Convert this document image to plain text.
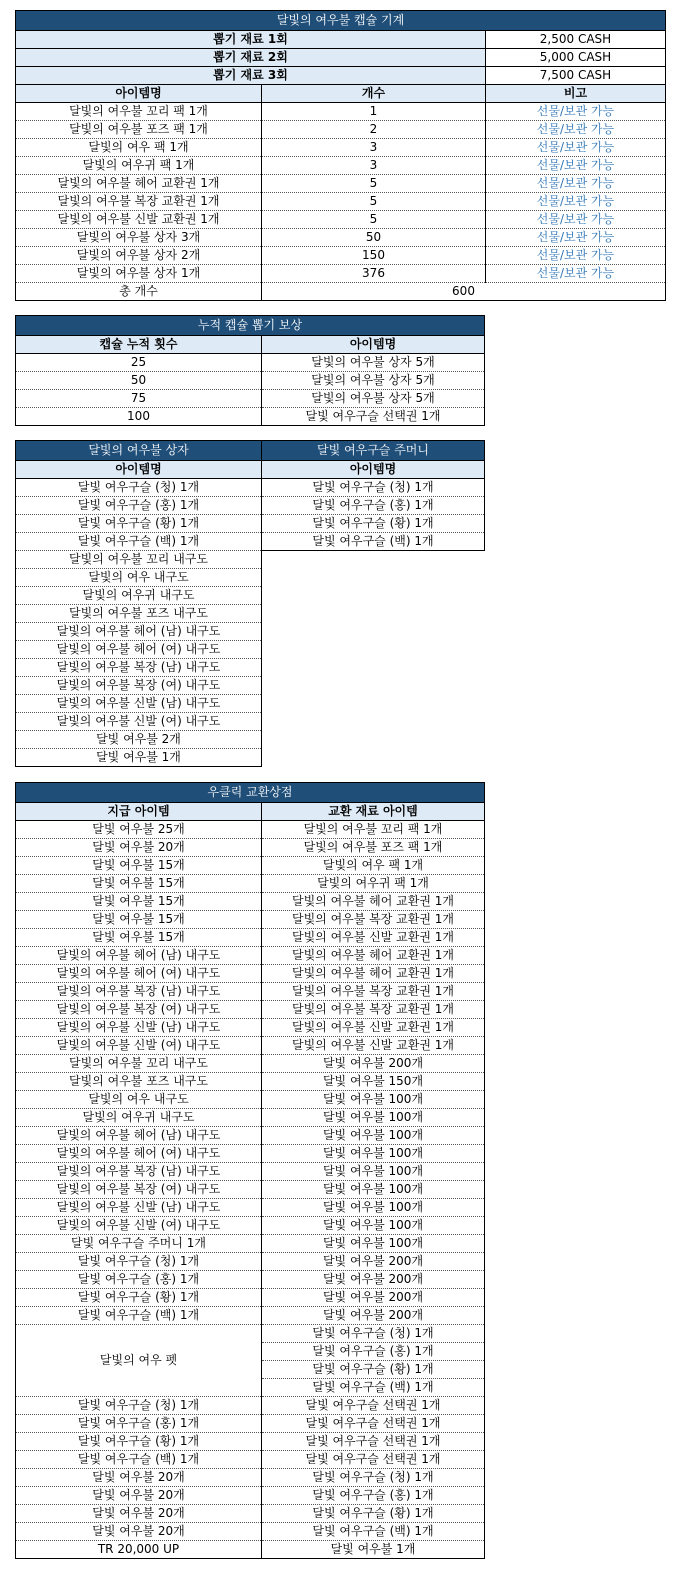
달빛의 여우불 캡슐 기계		
뽑기 재료 1회		2,500 CASH
뽑기 재료 2회		5,000 CASH
뽑기 재료 3회		7,500 CASH
아이템명	개수	비고
달빛의 여우불 꼬리 팩 1개	1	선물/보관 가능
달빛의 여우불 포즈 팩 1개	2	선물/보관 가능
달빛의 여우 팩 1개	3	선물/보관 가능
달빛의 여우귀 팩 1개	3	선물/보관 가능
달빛의 여우불 헤어 교환권 1개	5	선물/보관 가능
달빛의 여우불 복장 교환권 1개	5	선물/보관 가능
달빛의 여우불 신발 교환권 1개	5	선물/보관 가능
달빛의 여우불 상자 3개	50	선물/보관 가능
달빛의 여우불 상자 2개	150	선물/보관 가능
달빛의 여우불 상자 1개	376	선물/보관 가능
총 개수	600	
누적 캡슐 뽑기 보상	
캡슐 누적 횟수	아이템명
25	달빛의 여우불 상자 5개
50	달빛의 여우불 상자 5개
75	달빛의 여우불 상자 5개
100	달빛 여우구슬 선택권 1개
달빛의 여우불 상자	달빛 여우구슬 주머니
아이템명	아이템명
달빛 여우구슬 (청) 1개	달빛 여우구슬 (청) 1개
달빛 여우구슬 (홍) 1개	달빛 여우구슬 (홍) 1개
달빛 여우구슬 (황) 1개	달빛 여우구슬 (황) 1개
달빛 여우구슬 (백) 1개	달빛 여우구슬 (백) 1개
달빛의 여우불 꼬리 내구도	
달빛의 여우 내구도	
달빛의 여우귀 내구도	
달빛의 여우불 포즈 내구도	
달빛의 여우불 헤어 (남) 내구도	
달빛의 여우불 헤어 (여) 내구도	
달빛의 여우불 복장 (남) 내구도	
달빛의 여우불 복장 (여) 내구도	
달빛의 여우불 신발 (남) 내구도	
달빛의 여우불 신발 (여) 내구도	
달빛 여우불 2개	
달빛 여우불 1개	
우클릭 교환상점	
지급 아이템	교환 재료 아이템
달빛 여우불 25개	달빛의 여우불 꼬리 팩 1개
달빛 여우불 20개	달빛의 여우불 포즈 팩 1개
달빛 여우불 15개	달빛의 여우 팩 1개
달빛 여우불 15개	달빛의 여우귀 팩 1개
달빛 여우불 15개	달빛의 여우불 헤어 교환권 1개
달빛 여우불 15개	달빛의 여우불 복장 교환권 1개
달빛 여우불 15개	달빛의 여우불 신발 교환권 1개
달빛의 여우불 헤어 (남) 내구도	달빛의 여우불 헤어 교환권 1개
달빛의 여우불 헤어 (여) 내구도	달빛의 여우불 헤어 교환권 1개
달빛의 여우불 복장 (남) 내구도	달빛의 여우불 복장 교환권 1개
달빛의 여우불 복장 (여) 내구도	달빛의 여우불 복장 교환권 1개
달빛의 여우불 신발 (남) 내구도	달빛의 여우불 신발 교환권 1개
달빛의 여우불 신발 (여) 내구도	달빛의 여우불 신발 교환권 1개
달빛의 여우불 꼬리 내구도	달빛 여우불 200개
달빛의 여우불 포즈 내구도	달빛 여우불 150개
달빛의 여우 내구도	달빛 여우불 100개
달빛의 여우귀 내구도	달빛 여우불 100개
달빛의 여우불 헤어 (남) 내구도	달빛 여우불 100개
달빛의 여우불 헤어 (여) 내구도	달빛 여우불 100개
달빛의 여우불 복장 (남) 내구도	달빛 여우불 100개
달빛의 여우불 복장 (여) 내구도	달빛 여우불 100개
달빛의 여우불 신발 (남) 내구도	달빛 여우불 100개
달빛의 여우불 신발 (여) 내구도	달빛 여우불 100개
달빛 여우구슬 주머니 1개	달빛 여우불 100개
달빛 여우구슬 (청) 1개	달빛 여우불 200개
달빛 여우구슬 (홍) 1개	달빛 여우불 200개
달빛 여우구슬 (황) 1개	달빛 여우불 200개
달빛 여우구슬 (백) 1개	달빛 여우불 200개
달빛의 여우 펫	달빛 여우구슬 (청) 1개
	달빛 여우구슬 (홍) 1개
	달빛 여우구슬 (황) 1개
	달빛 여우구슬 (백) 1개
달빛 여우구슬 (청) 1개	달빛 여우구슬 선택권 1개
달빛 여우구슬 (홍) 1개	달빛 여우구슬 선택권 1개
달빛 여우구슬 (황) 1개	달빛 여우구슬 선택권 1개
달빛 여우구슬 (백) 1개	달빛 여우구슬 선택권 1개
달빛 여우불 20개	달빛 여우구슬 (청) 1개
달빛 여우불 20개	달빛 여우구슬 (홍) 1개
달빛 여우불 20개	달빛 여우구슬 (황) 1개
달빛 여우불 20개	달빛 여우구슬 (백) 1개
TR 20,000 UP	달빛 여우불 1개
